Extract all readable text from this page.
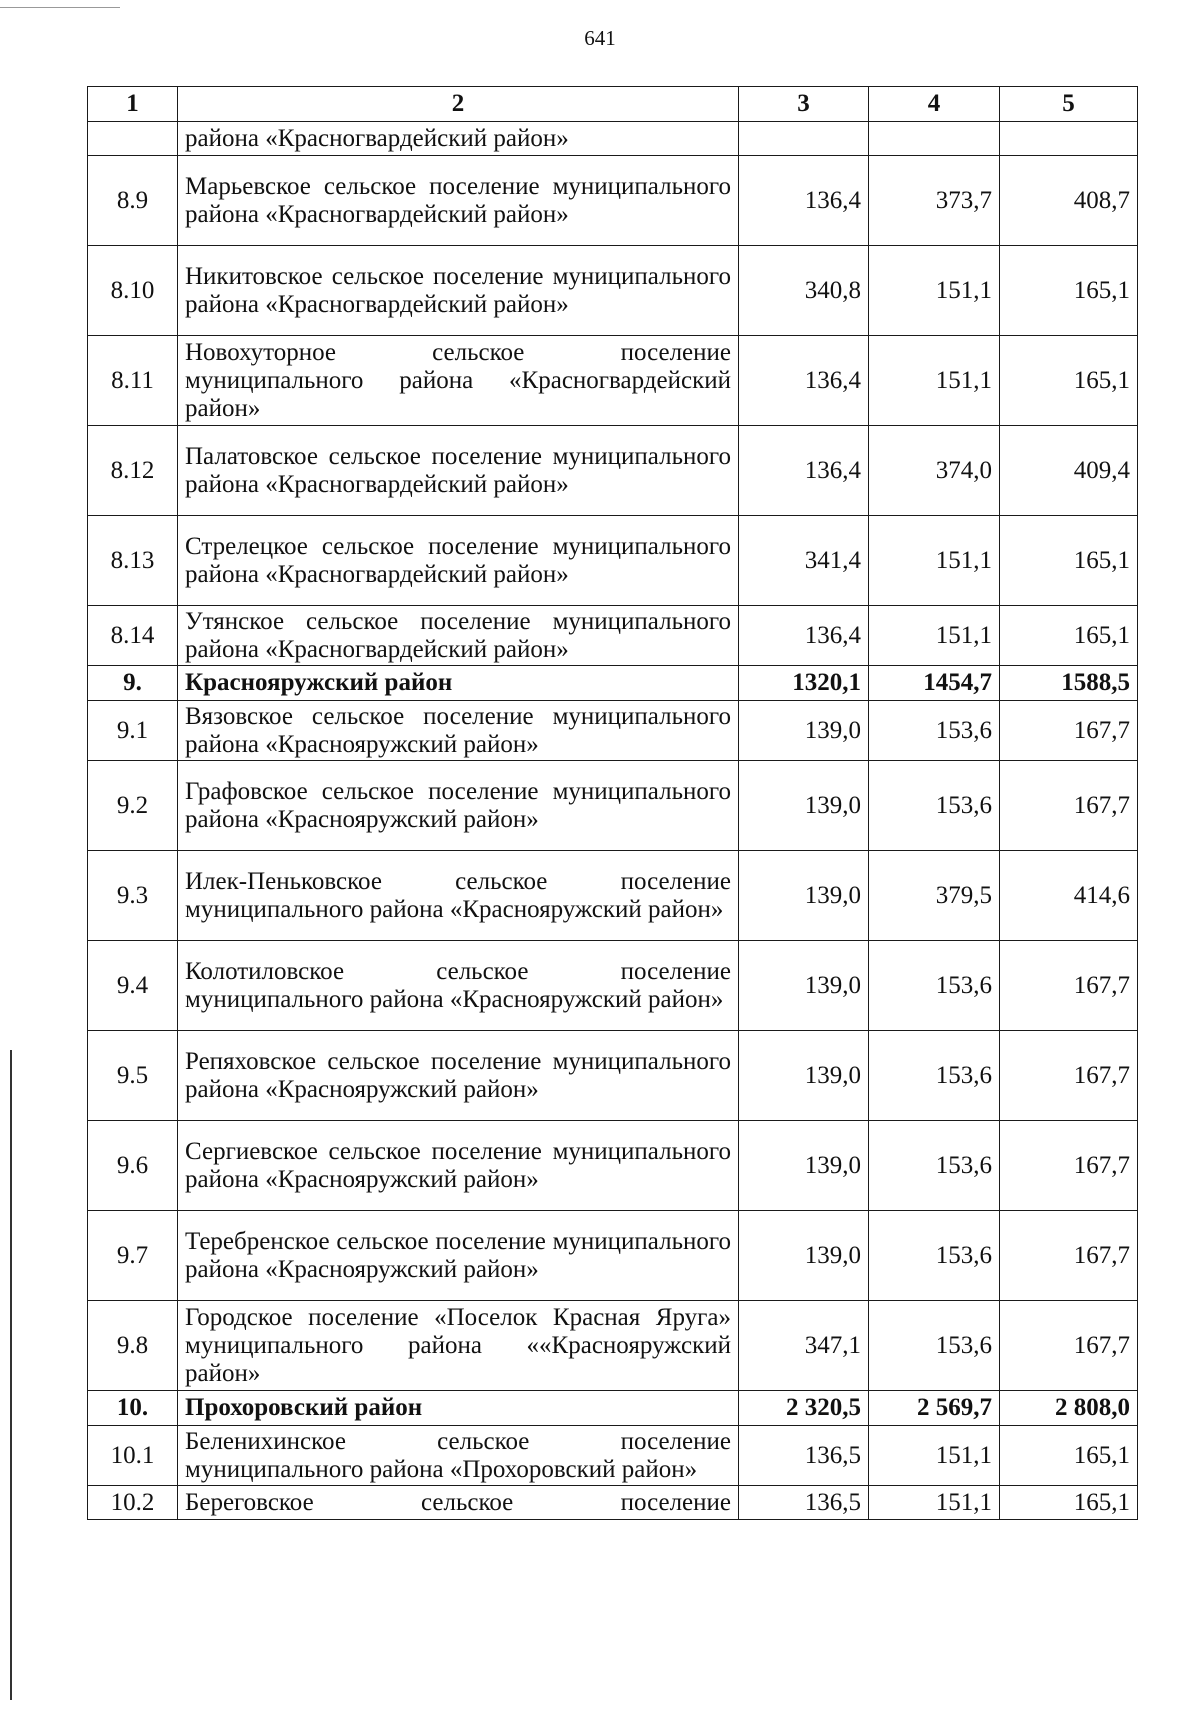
641
1	2	3	4	5
	района «Красногвардейский район»			
8.9	Марьевское сельское поселение муниципального района «Красногвардейский район»	136,4	373,7	408,7
8.10	Никитовское сельское поселение муниципального района «Красногвардейский район»	340,8	151,1	165,1
8.11	Новохуторное сельское поселение муниципального района «Красногвардейский район»	136,4	151,1	165,1
8.12	Палатовское сельское поселение муниципального района «Красногвардейский район»	136,4	374,0	409,4
8.13	Стрелецкое сельское поселение муниципального района «Красногвардейский район»	341,4	151,1	165,1
8.14	Утянское сельское поселение муниципального района «Красногвардейский район»	136,4	151,1	165,1
9.	Краснояружский район	1320,1	1454,7	1588,5
9.1	Вязовское сельское поселение муниципального района «Краснояружский район»	139,0	153,6	167,7
9.2	Графовское сельское поселение муниципального района «Краснояружский район»	139,0	153,6	167,7
9.3	Илек-Пеньковское сельское поселение муниципального района «Краснояружский район»	139,0	379,5	414,6
9.4	Колотиловское сельское поселение муниципального района «Краснояружский район»	139,0	153,6	167,7
9.5	Репяховское сельское поселение муниципального района «Краснояружский район»	139,0	153,6	167,7
9.6	Сергиевское сельское поселение муниципального района «Краснояружский район»	139,0	153,6	167,7
9.7	Теребренское сельское поселение муниципального района «Краснояружский район»	139,0	153,6	167,7
9.8	Городское поселение «Поселок Красная Яруга» муниципального района ««Краснояружский район»	347,1	153,6	167,7
10.	Прохоровский район	2 320,5	2 569,7	2 808,0
10.1	Беленихинское сельское поселение муниципального района «Прохоровский район»	136,5	151,1	165,1
10.2	Береговское сельское поселение	136,5	151,1	165,1
